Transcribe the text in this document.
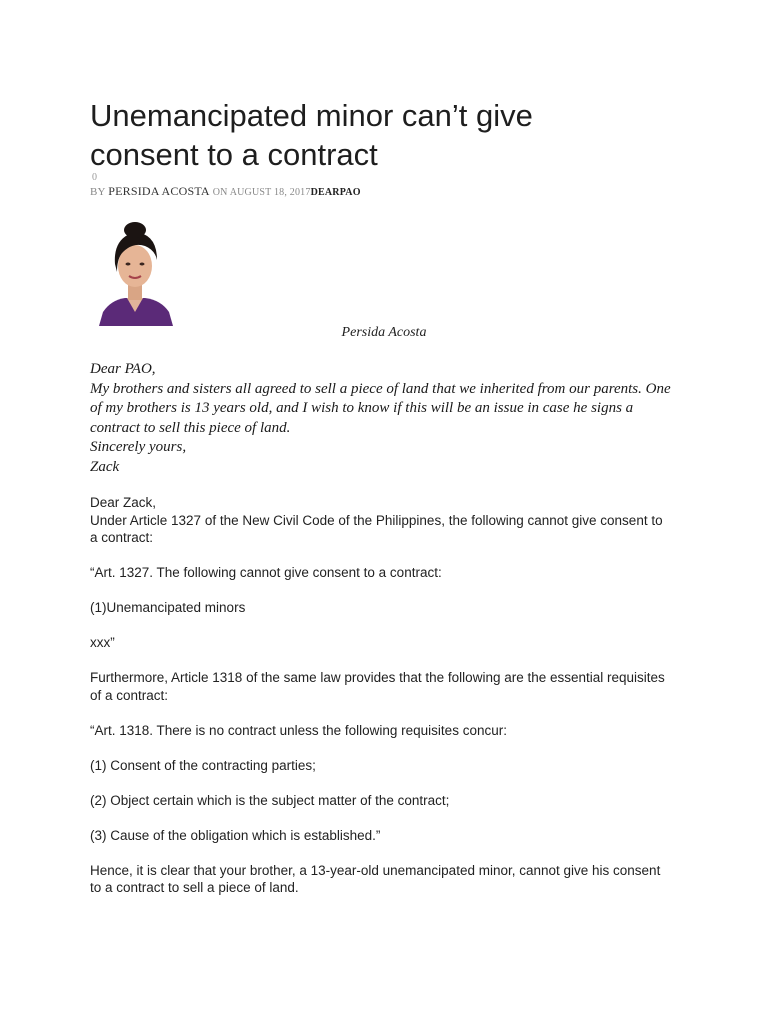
Unemancipated minor can’t give consent to a contract
0
BY PERSIDA ACOSTA ON AUGUST 18, 2017DEARPAO
Persida Acosta

Dear PAO,

My brothers and sisters all agreed to sell a piece of land that we inherited from our parents. One of my brothers is 13 years old, and I wish to know if this will be an issue in case he signs a contract to sell this piece of land.

Sincerely yours,

Zack

Dear Zack,

Under Article 1327 of the New Civil Code of the Philippines, the following cannot give consent to a contract:

“Art. 1327. The following cannot give consent to a contract:

(1)Unemancipated minors

xxx”

Furthermore, Article 1318 of the same law provides that the following are the essential requisites of a contract:

“Art. 1318. There is no contract unless the following requisites concur:

(1) Consent of the contracting parties;

(2) Object certain which is the subject matter of the contract;

(3) Cause of the obligation which is established.”

Hence, it is clear that your brother, a 13-year-old unemancipated minor, cannot give his consent to a contract to sell a piece of land.
